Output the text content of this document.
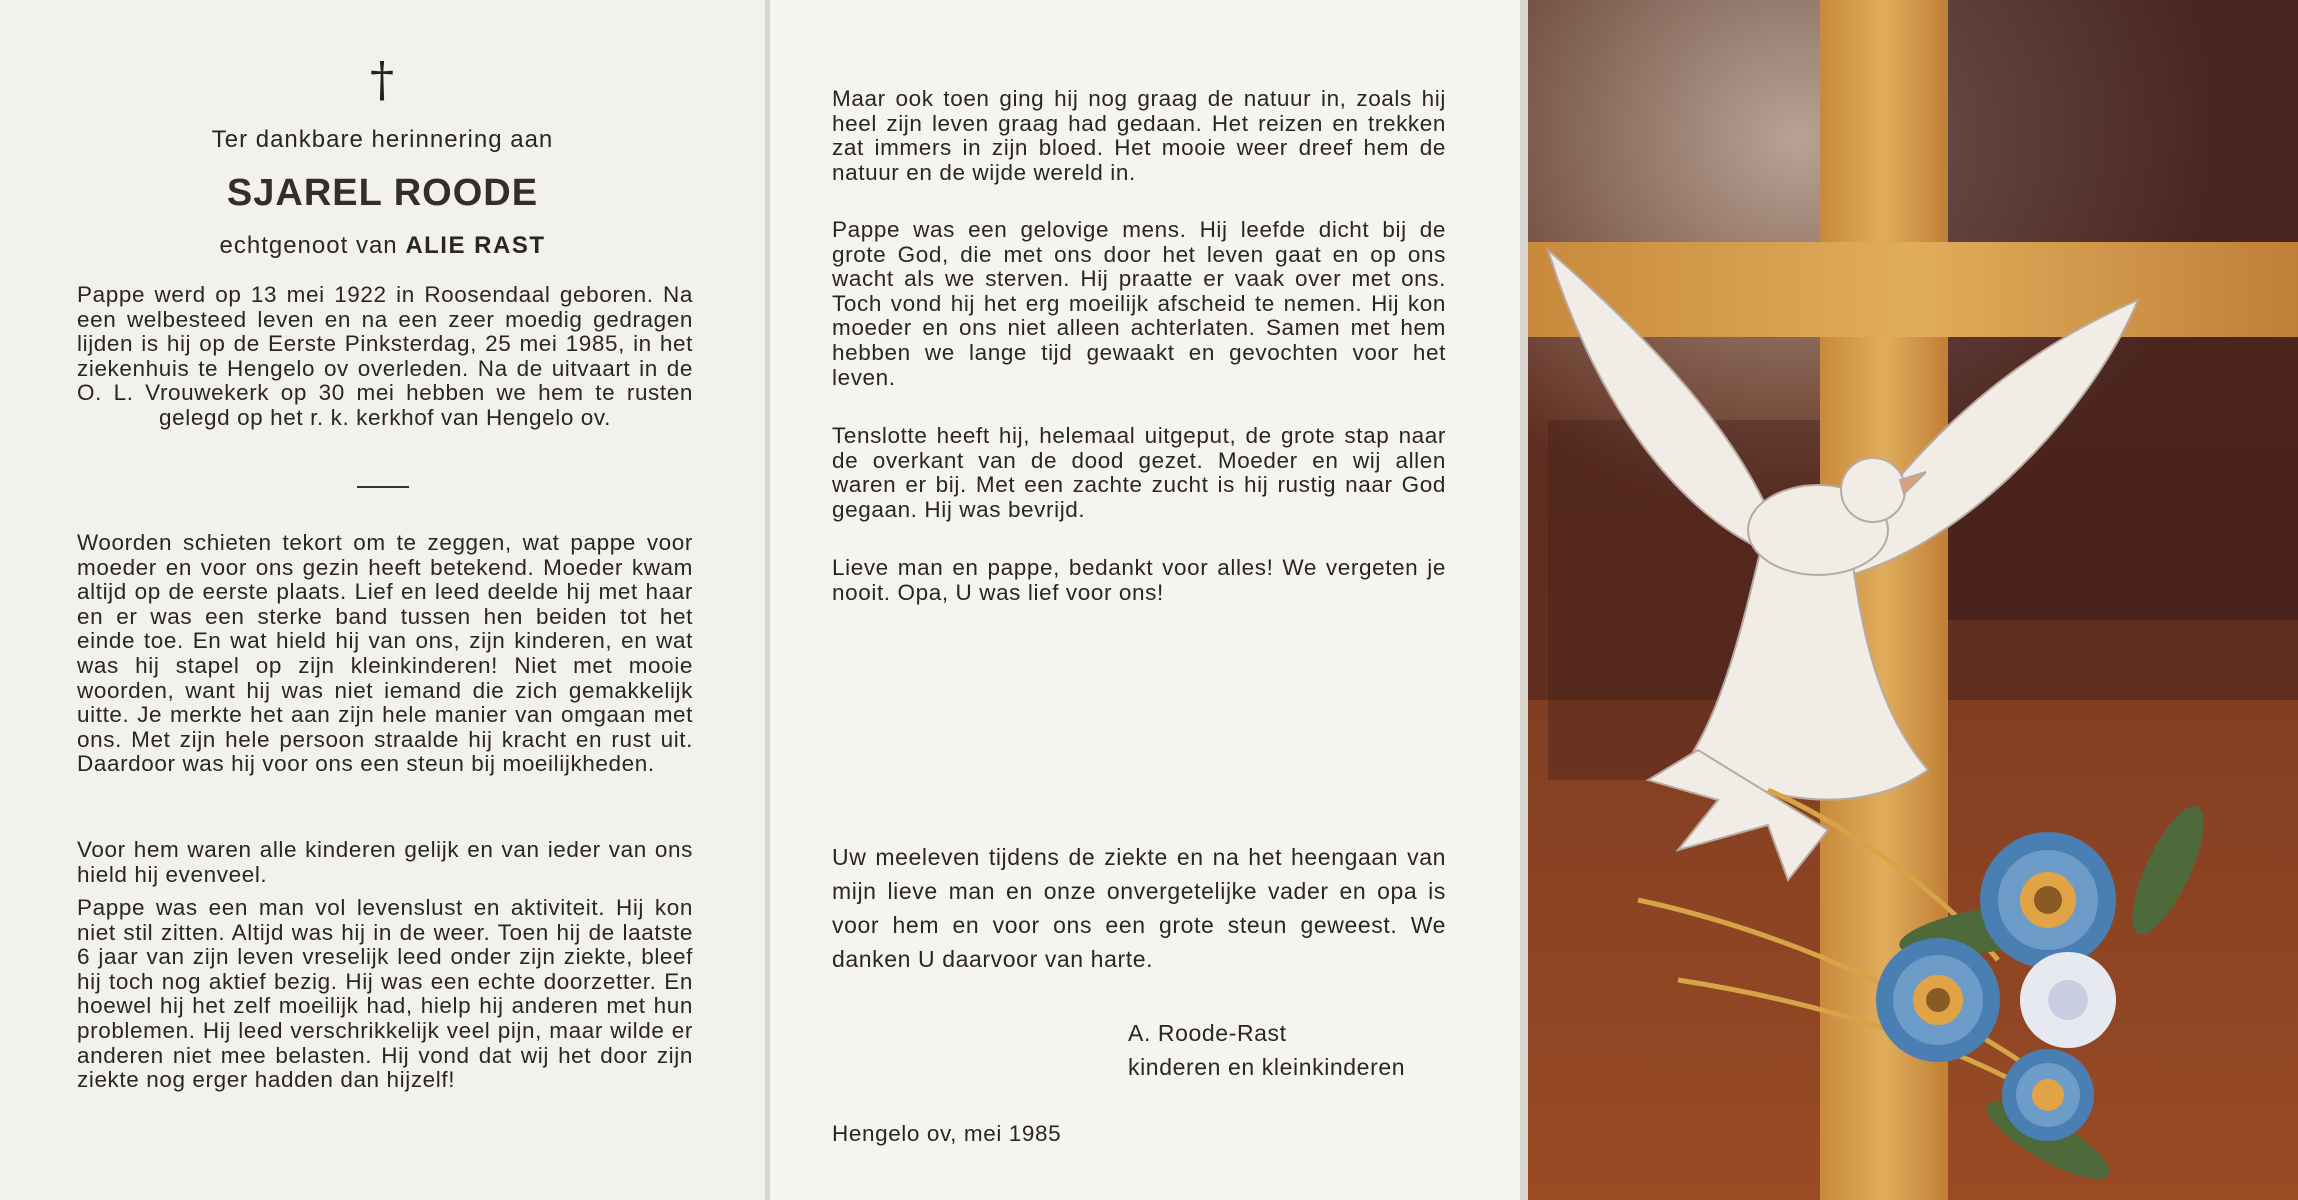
†
Ter dankbare herinnering aan
SJAREL ROODE
echtgenoot van ALIE RAST

Pappe werd op 13 mei 1922 in Roosendaal geboren. Na een welbesteed leven en na een zeer moedig gedragen lijden is hij op de Eerste Pinksterdag, 25 mei 1985, in het ziekenhuis te Hengelo ov overleden. Na de uitvaart in de O. L. Vrouwekerk op 30 mei hebben we hem te rusten gelegd op het r. k. kerkhof van Hengelo ov.

Woorden schieten tekort om te zeggen, wat pappe voor moeder en voor ons gezin heeft betekend. Moeder kwam altijd op de eerste plaats. Lief en leed deelde hij met haar en er was een sterke band tussen hen beiden tot het einde toe. En wat hield hij van ons, zijn kinderen, en wat was hij stapel op zijn kleinkinderen! Niet met mooie woorden, want hij was niet iemand die zich gemakkelijk uitte. Je merkte het aan zijn hele manier van omgaan met ons. Met zijn hele persoon straalde hij kracht en rust uit. Daardoor was hij voor ons een steun bij moeilijkheden.

Voor hem waren alle kinderen gelijk en van ieder van ons hield hij evenveel.

Pappe was een man vol levenslust en aktiviteit. Hij kon niet stil zitten. Altijd was hij in de weer. Toen hij de laatste 6 jaar van zijn leven vreselijk leed onder zijn ziekte, bleef hij toch nog aktief bezig. Hij was een echte doorzetter. En hoewel hij het zelf moeilijk had, hielp hij anderen met hun problemen. Hij leed verschrikkelijk veel pijn, maar wilde er anderen niet mee belasten. Hij vond dat wij het door zijn ziekte nog erger hadden dan hijzelf!

Maar ook toen ging hij nog graag de natuur in, zoals hij heel zijn leven graag had gedaan. Het reizen en trekken zat immers in zijn bloed. Het mooie weer dreef hem de natuur en de wijde wereld in.

Pappe was een gelovige mens. Hij leefde dicht bij de grote God, die met ons door het leven gaat en op ons wacht als we sterven. Hij praatte er vaak over met ons. Toch vond hij het erg moeilijk afscheid te nemen. Hij kon moeder en ons niet alleen achterlaten. Samen met hem hebben we lange tijd gewaakt en gevochten voor het leven.

Tenslotte heeft hij, helemaal uitgeput, de grote stap naar de overkant van de dood gezet. Moeder en wij allen waren er bij. Met een zachte zucht is hij rustig naar God gegaan. Hij was bevrijd.

Lieve man en pappe, bedankt voor alles! We vergeten je nooit. Opa, U was lief voor ons!

Uw meeleven tijdens de ziekte en na het heengaan van mijn lieve man en onze onvergetelijke vader en opa is voor hem en voor ons een grote steun geweest. We danken U daarvoor van harte.

A. Roode-Rast
kinderen en kleinkinderen
Hengelo ov, mei 1985
